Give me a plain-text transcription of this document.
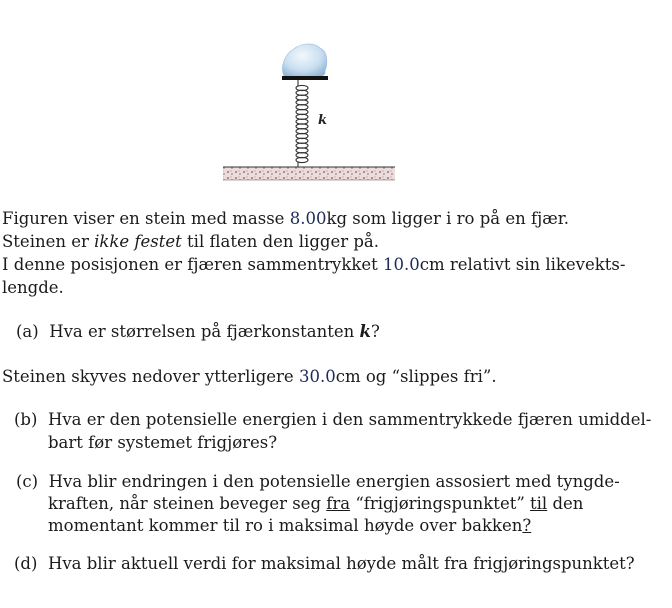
k
Figuren viser en stein med masse 8.00kg som ligger i ro på en fjær.
Steinen er ikke festet til flaten den ligger på.
I denne posisjonen er fjæren sammentrykket 10.0cm relativt sin likevekts-
lengde.
(a) Hva er størrelsen på fjærkonstanten k?
Steinen skyves nedover ytterligere 30.0cm og “slippes fri”.
(b) Hva er den potensielle energien i den sammentrykkede fjæren umiddel-
bart før systemet frigjøres?
(c) Hva blir endringen i den potensielle energien assosiert med tyngde-
kraften, når steinen beveger seg fra “frigjøringspunktet” til den
momentant kommer til ro i maksimal høyde over bakken?
(d) Hva blir aktuell verdi for maksimal høyde målt fra frigjøringspunktet?
